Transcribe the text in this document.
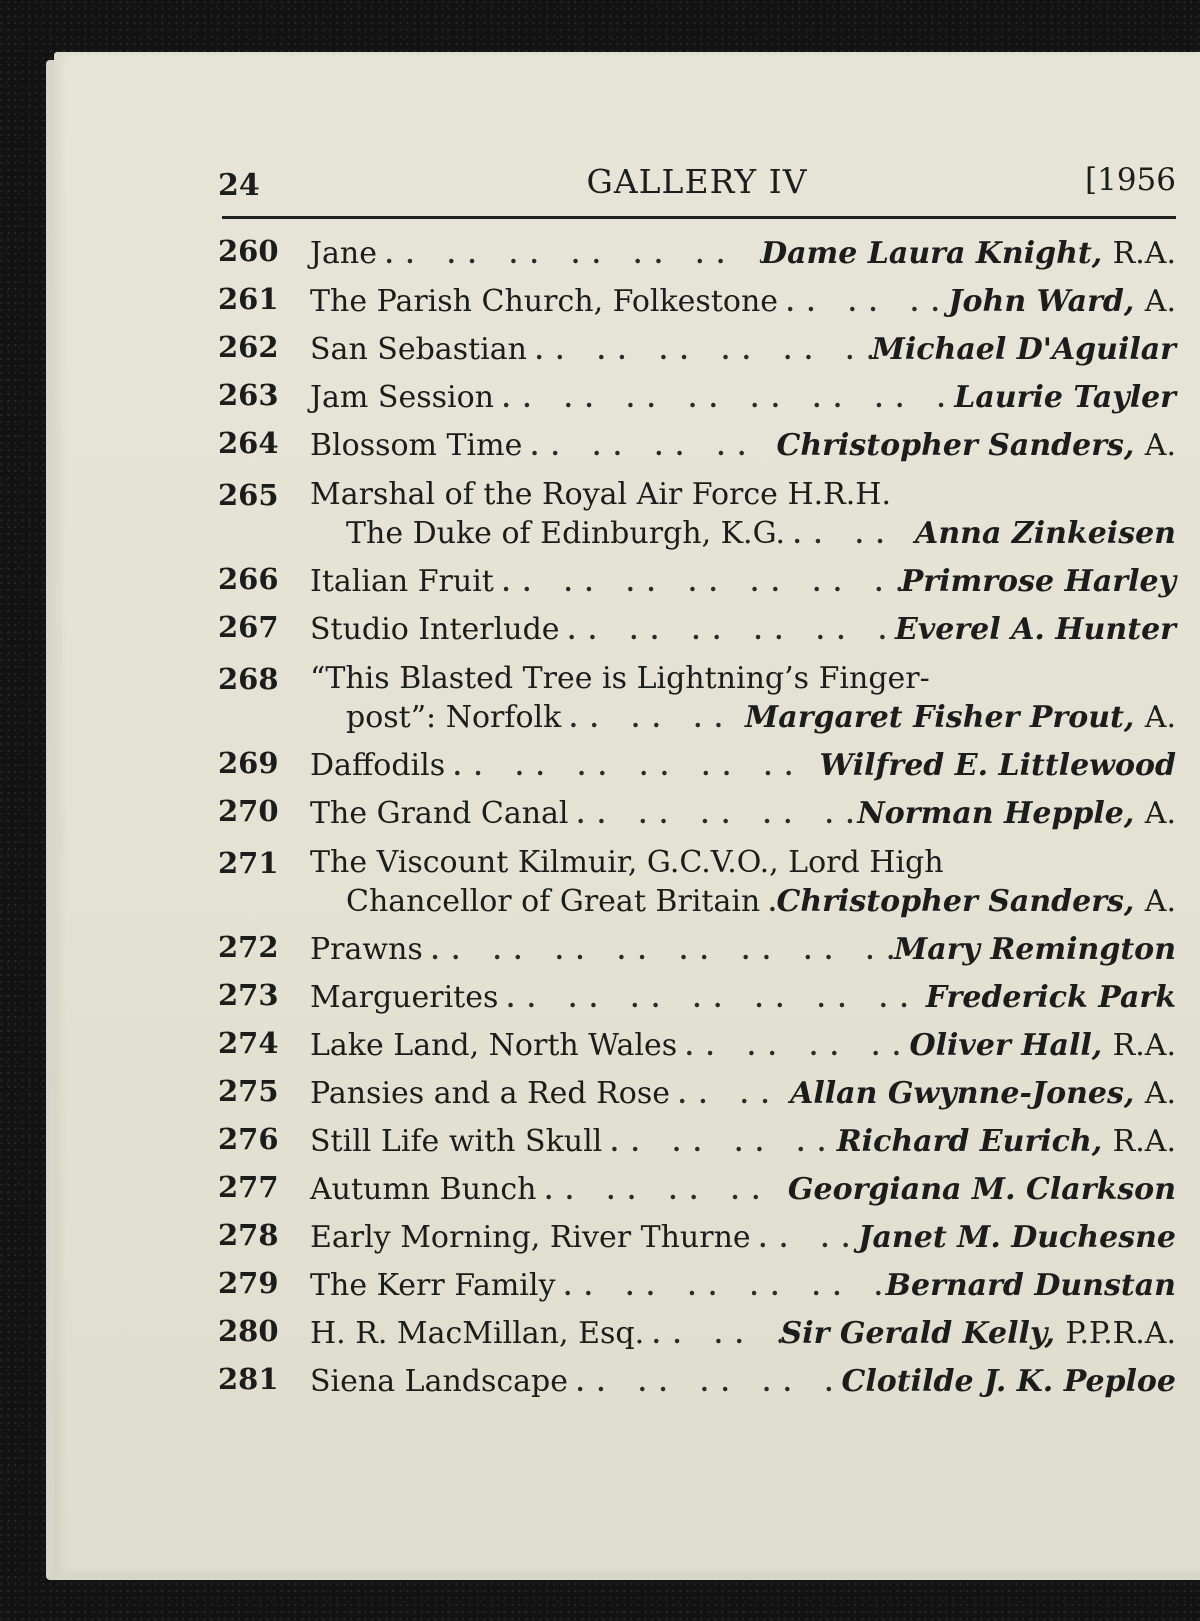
24	GALLERY IV	[1956
260	Jane . .	Dame Laura Knight, R.A.
261	The Parish Church, Folkestone . .	John Ward, A.
262	San Sebastian . .	Michael D'Aguilar
263	Jam Session . .	Laurie Tayler
264	Blossom Time . .	Christopher Sanders, A.
265	Marshal of the Royal Air Force H.R.H.
The Duke of Edinburgh, K.G. . .	Anna Zinkeisen
266	Italian Fruit . .	Primrose Harley
267	Studio Interlude . .	Everel A. Hunter
268	“This Blasted Tree is Lightning’s Finger-
post”: Norfolk . .	Margaret Fisher Prout, A.
269	Daffodils . .	Wilfred E. Littlewood
270	The Grand Canal . .	Norman Hepple, A.
271	The Viscount Kilmuir, G.C.V.O., Lord High
Chancellor of Great Britain . . Christopher Sanders, A.
272	Prawns . .	Mary Remington
273	Marguerites . .	Frederick Park
274	Lake Land, North Wales . .	Oliver Hall, R.A.
275	Pansies and a Red Rose . .	Allan Gwynne-Jones, A.
276	Still Life with Skull . .	Richard Eurich, R.A.
277	Autumn Bunch . .	Georgiana M. Clarkson
278	Early Morning, River Thurne . .	Janet M. Duchesne
279	The Kerr Family . .	Bernard Dunstan
280	H. R. MacMillan, Esq. . .	Sir Gerald Kelly, P.P.R.A.
281	Siena Landscape . .	Clotilde J. K. Peploe
